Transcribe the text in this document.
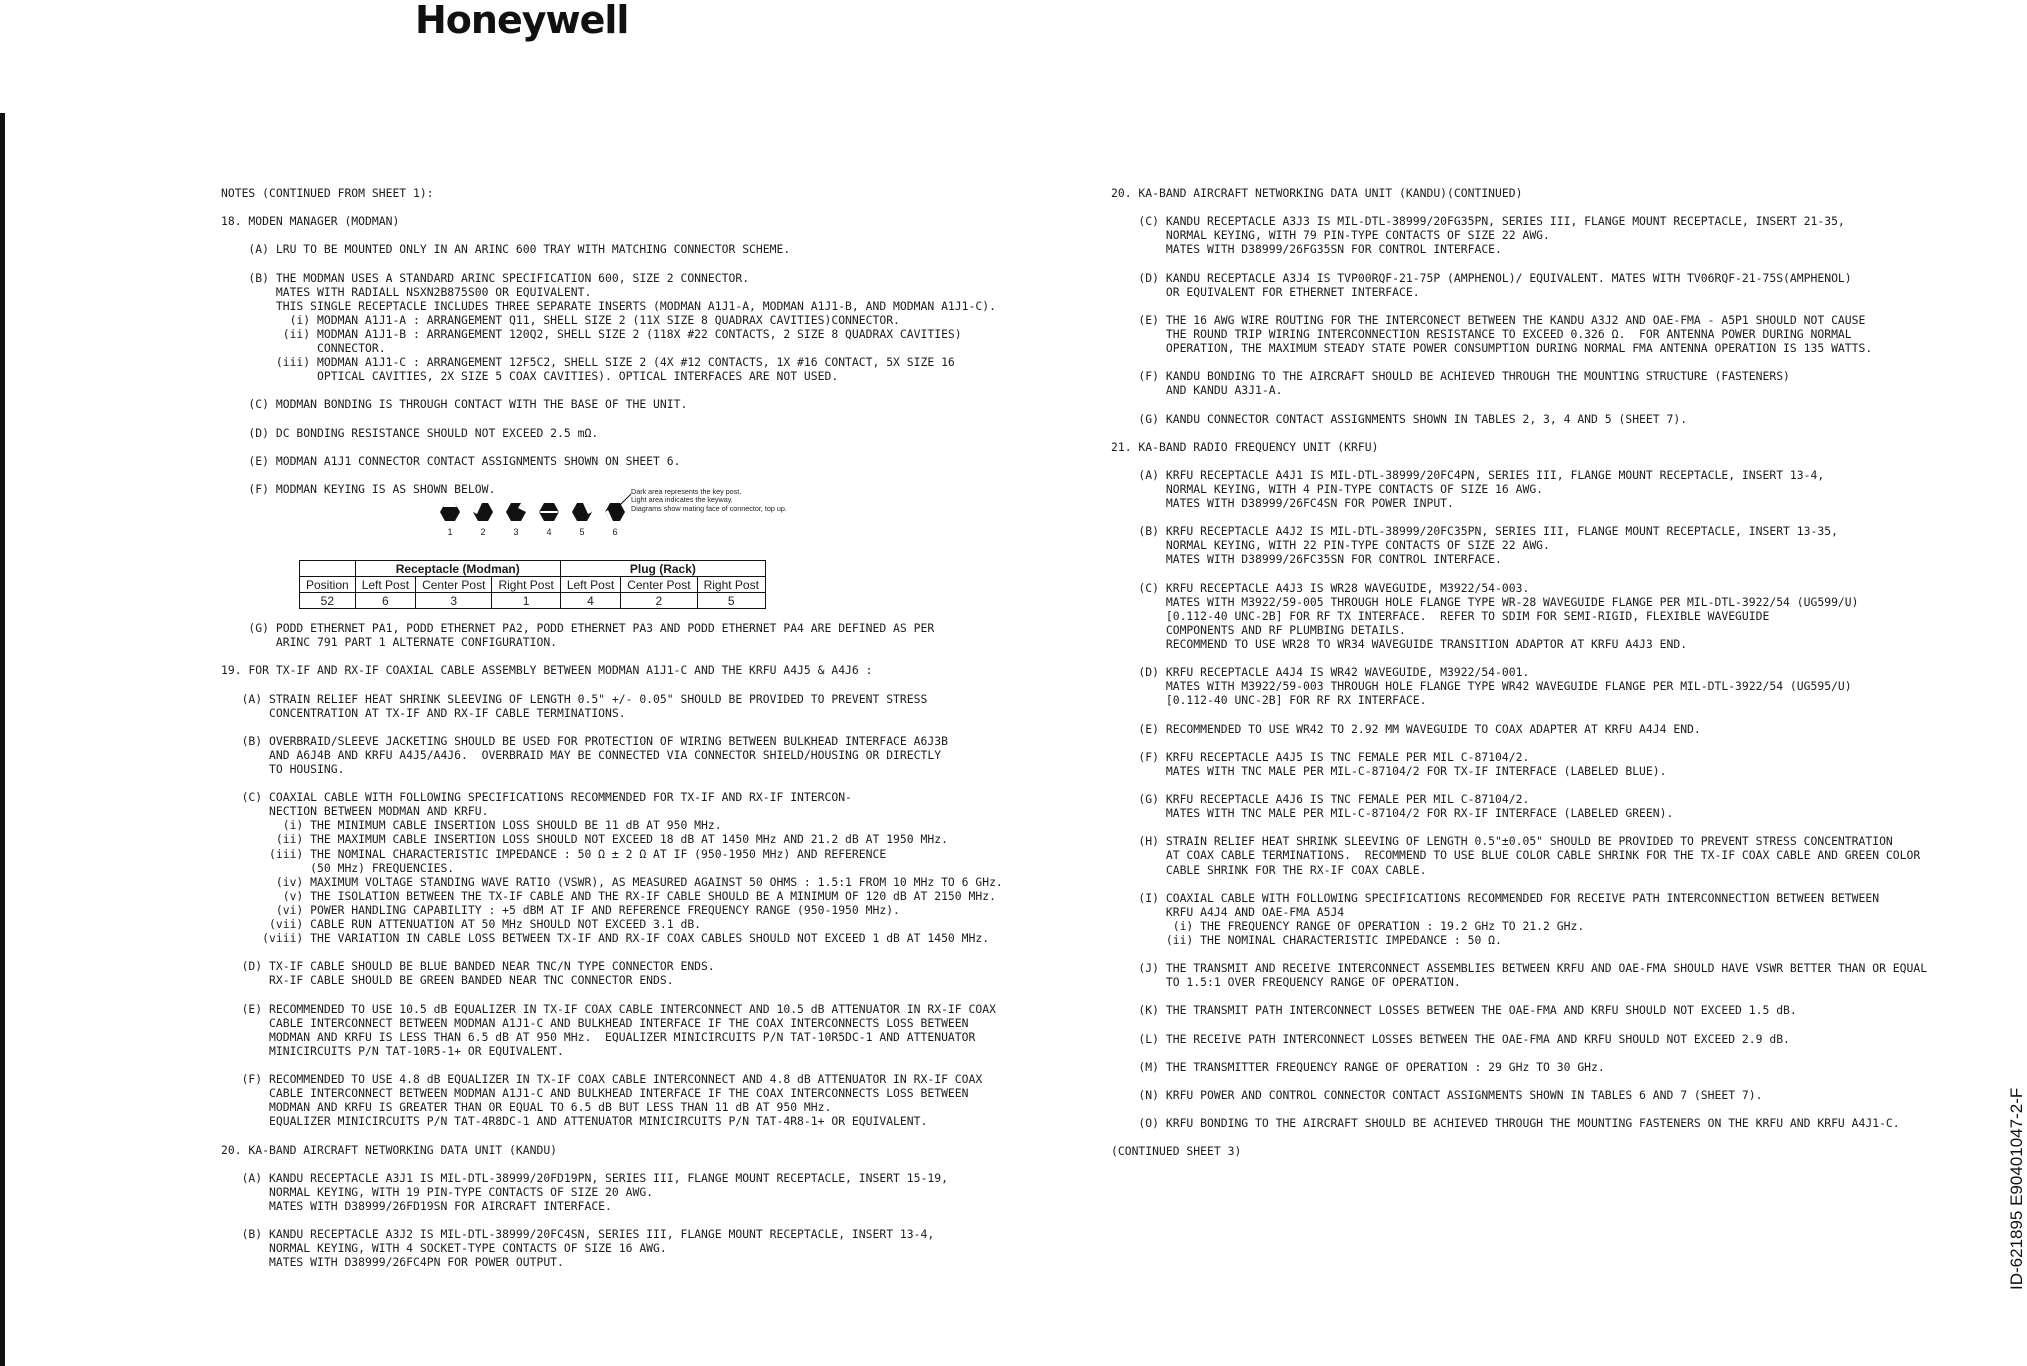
Honeywell
ID-621895 E90401047-2-F
NOTES (CONTINUED FROM SHEET 1):
18. MODEN MANAGER (MODMAN)
(A) LRU TO BE MOUNTED ONLY IN AN ARINC 600 TRAY WITH MATCHING CONNECTOR SCHEME.
(B) THE MODMAN USES A STANDARD ARINC SPECIFICATION 600, SIZE 2 CONNECTOR.
MATES WITH RADIALL NSXN2B875S00 OR EQUIVALENT.
THIS SINGLE RECEPTACLE INCLUDES THREE SEPARATE INSERTS (MODMAN A1J1-A, MODMAN A1J1-B, AND MODMAN A1J1-C).
(i) MODMAN A1J1-A : ARRANGEMENT Q11, SHELL SIZE 2 (11X SIZE 8 QUADRAX CAVITIES)CONNECTOR.
(ii) MODMAN A1J1-B : ARRANGEMENT 120Q2, SHELL SIZE 2 (118X #22 CONTACTS, 2 SIZE 8 QUADRAX CAVITIES)
CONNECTOR.
(iii) MODMAN A1J1-C : ARRANGEMENT 12F5C2, SHELL SIZE 2 (4X #12 CONTACTS, 1X #16 CONTACT, 5X SIZE 16
OPTICAL CAVITIES, 2X SIZE 5 COAX CAVITIES). OPTICAL INTERFACES ARE NOT USED.
(C) MODMAN BONDING IS THROUGH CONTACT WITH THE BASE OF THE UNIT.
(D) DC BONDING RESISTANCE SHOULD NOT EXCEED 2.5 mΩ.
(E) MODMAN A1J1 CONNECTOR CONTACT ASSIGNMENTS SHOWN ON SHEET 6.
(F) MODMAN KEYING IS AS SHOWN BELOW.
1	2	3	4	5	6
Dark area represents the key post.
Light area indicates the keyway.
Diagrams show mating face of connector, top up.
	Receptacle (Modman)			Plug (Rack)		
Position	Left Post	Center Post	Right Post	Left Post	Center Post	Right Post
52	6	3	1	4	2	5
(G) PODD ETHERNET PA1, PODD ETHERNET PA2, PODD ETHERNET PA3 AND PODD ETHERNET PA4 ARE DEFINED AS PER
ARINC 791 PART 1 ALTERNATE CONFIGURATION.
19. FOR TX-IF AND RX-IF COAXIAL CABLE ASSEMBLY BETWEEN MODMAN A1J1-C AND THE KRFU A4J5 & A4J6 :
(A) STRAIN RELIEF HEAT SHRINK SLEEVING OF LENGTH 0.5" +/- 0.05" SHOULD BE PROVIDED TO PREVENT STRESS
CONCENTRATION AT TX-IF AND RX-IF CABLE TERMINATIONS.
(B) OVERBRAID/SLEEVE JACKETING SHOULD BE USED FOR PROTECTION OF WIRING BETWEEN BULKHEAD INTERFACE A6J3B
AND A6J4B AND KRFU A4J5/A4J6.  OVERBRAID MAY BE CONNECTED VIA CONNECTOR SHIELD/HOUSING OR DIRECTLY
TO HOUSING.
(C) COAXIAL CABLE WITH FOLLOWING SPECIFICATIONS RECOMMENDED FOR TX-IF AND RX-IF INTERCON-
NECTION BETWEEN MODMAN AND KRFU.
(i) THE MINIMUM CABLE INSERTION LOSS SHOULD BE 11 dB AT 950 MHz.
(ii) THE MAXIMUM CABLE INSERTION LOSS SHOULD NOT EXCEED 18 dB AT 1450 MHz AND 21.2 dB AT 1950 MHz.
(iii) THE NOMINAL CHARACTERISTIC IMPEDANCE : 50 Ω ± 2 Ω AT IF (950-1950 MHz) AND REFERENCE
(50 MHz) FREQUENCIES.
(iv) MAXIMUM VOLTAGE STANDING WAVE RATIO (VSWR), AS MEASURED AGAINST 50 OHMS : 1.5:1 FROM 10 MHz TO 6 GHz.
(v) THE ISOLATION BETWEEN THE TX-IF CABLE AND THE RX-IF CABLE SHOULD BE A MINIMUM OF 120 dB AT 2150 MHz.
(vi) POWER HANDLING CAPABILITY : +5 dBM AT IF AND REFERENCE FREQUENCY RANGE (950-1950 MHz).
(vii) CABLE RUN ATTENUATION AT 50 MHz SHOULD NOT EXCEED 3.1 dB.
(viii) THE VARIATION IN CABLE LOSS BETWEEN TX-IF AND RX-IF COAX CABLES SHOULD NOT EXCEED 1 dB AT 1450 MHz.
(D) TX-IF CABLE SHOULD BE BLUE BANDED NEAR TNC/N TYPE CONNECTOR ENDS.
RX-IF CABLE SHOULD BE GREEN BANDED NEAR TNC CONNECTOR ENDS.
(E) RECOMMENDED TO USE 10.5 dB EQUALIZER IN TX-IF COAX CABLE INTERCONNECT AND 10.5 dB ATTENUATOR IN RX-IF COAX
CABLE INTERCONNECT BETWEEN MODMAN A1J1-C AND BULKHEAD INTERFACE IF THE COAX INTERCONNECTS LOSS BETWEEN
MODMAN AND KRFU IS LESS THAN 6.5 dB AT 950 MHz.  EQUALIZER MINICIRCUITS P/N TAT-10R5DC-1 AND ATTENUATOR
MINICIRCUITS P/N TAT-10R5-1+ OR EQUIVALENT.
(F) RECOMMENDED TO USE 4.8 dB EQUALIZER IN TX-IF COAX CABLE INTERCONNECT AND 4.8 dB ATTENUATOR IN RX-IF COAX
CABLE INTERCONNECT BETWEEN MODMAN A1J1-C AND BULKHEAD INTERFACE IF THE COAX INTERCONNECTS LOSS BETWEEN
MODMAN AND KRFU IS GREATER THAN OR EQUAL TO 6.5 dB BUT LESS THAN 11 dB AT 950 MHz.
EQUALIZER MINICIRCUITS P/N TAT-4R8DC-1 AND ATTENUATOR MINICIRCUITS P/N TAT-4R8-1+ OR EQUIVALENT.
20. KA-BAND AIRCRAFT NETWORKING DATA UNIT (KANDU)
(A) KANDU RECEPTACLE A3J1 IS MIL-DTL-38999/20FD19PN, SERIES III, FLANGE MOUNT RECEPTACLE, INSERT 15-19,
NORMAL KEYING, WITH 19 PIN-TYPE CONTACTS OF SIZE 20 AWG.
MATES WITH D38999/26FD19SN FOR AIRCRAFT INTERFACE.
(B) KANDU RECEPTACLE A3J2 IS MIL-DTL-38999/20FC4SN, SERIES III, FLANGE MOUNT RECEPTACLE, INSERT 13-4,
NORMAL KEYING, WITH 4 SOCKET-TYPE CONTACTS OF SIZE 16 AWG.
MATES WITH D38999/26FC4PN FOR POWER OUTPUT.
20. KA-BAND AIRCRAFT NETWORKING DATA UNIT (KANDU)(CONTINUED)
(C) KANDU RECEPTACLE A3J3 IS MIL-DTL-38999/20FG35PN, SERIES III, FLANGE MOUNT RECEPTACLE, INSERT 21-35,
NORMAL KEYING, WITH 79 PIN-TYPE CONTACTS OF SIZE 22 AWG.
MATES WITH D38999/26FG35SN FOR CONTROL INTERFACE.
(D) KANDU RECEPTACLE A3J4 IS TVP00RQF-21-75P (AMPHENOL)/ EQUIVALENT. MATES WITH TV06RQF-21-75S(AMPHENOL)
OR EQUIVALENT FOR ETHERNET INTERFACE.
(E) THE 16 AWG WIRE ROUTING FOR THE INTERCONECT BETWEEN THE KANDU A3J2 AND OAE-FMA - A5P1 SHOULD NOT CAUSE
THE ROUND TRIP WIRING INTERCONNECTION RESISTANCE TO EXCEED 0.326 Ω.  FOR ANTENNA POWER DURING NORMAL
OPERATION, THE MAXIMUM STEADY STATE POWER CONSUMPTION DURING NORMAL FMA ANTENNA OPERATION IS 135 WATTS.
(F) KANDU BONDING TO THE AIRCRAFT SHOULD BE ACHIEVED THROUGH THE MOUNTING STRUCTURE (FASTENERS)
AND KANDU A3J1-A.
(G) KANDU CONNECTOR CONTACT ASSIGNMENTS SHOWN IN TABLES 2, 3, 4 AND 5 (SHEET 7).
21. KA-BAND RADIO FREQUENCY UNIT (KRFU)
(A) KRFU RECEPTACLE A4J1 IS MIL-DTL-38999/20FC4PN, SERIES III, FLANGE MOUNT RECEPTACLE, INSERT 13-4,
NORMAL KEYING, WITH 4 PIN-TYPE CONTACTS OF SIZE 16 AWG.
MATES WITH D38999/26FC4SN FOR POWER INPUT.
(B) KRFU RECEPTACLE A4J2 IS MIL-DTL-38999/20FC35PN, SERIES III, FLANGE MOUNT RECEPTACLE, INSERT 13-35,
NORMAL KEYING, WITH 22 PIN-TYPE CONTACTS OF SIZE 22 AWG.
MATES WITH D38999/26FC35SN FOR CONTROL INTERFACE.
(C) KRFU RECEPTACLE A4J3 IS WR28 WAVEGUIDE, M3922/54-003.
MATES WITH M3922/59-005 THROUGH HOLE FLANGE TYPE WR-28 WAVEGUIDE FLANGE PER MIL-DTL-3922/54 (UG599/U)
[0.112-40 UNC-2B] FOR RF TX INTERFACE.  REFER TO SDIM FOR SEMI-RIGID, FLEXIBLE WAVEGUIDE
COMPONENTS AND RF PLUMBING DETAILS.
RECOMMEND TO USE WR28 TO WR34 WAVEGUIDE TRANSITION ADAPTOR AT KRFU A4J3 END.
(D) KRFU RECEPTACLE A4J4 IS WR42 WAVEGUIDE, M3922/54-001.
MATES WITH M3922/59-003 THROUGH HOLE FLANGE TYPE WR42 WAVEGUIDE FLANGE PER MIL-DTL-3922/54 (UG595/U)
[0.112-40 UNC-2B] FOR RF RX INTERFACE.
(E) RECOMMENDED TO USE WR42 TO 2.92 MM WAVEGUIDE TO COAX ADAPTER AT KRFU A4J4 END.
(F) KRFU RECEPTACLE A4J5 IS TNC FEMALE PER MIL C-87104/2.
MATES WITH TNC MALE PER MIL-C-87104/2 FOR TX-IF INTERFACE (LABELED BLUE).
(G) KRFU RECEPTACLE A4J6 IS TNC FEMALE PER MIL C-87104/2.
MATES WITH TNC MALE PER MIL-C-87104/2 FOR RX-IF INTERFACE (LABELED GREEN).
(H) STRAIN RELIEF HEAT SHRINK SLEEVING OF LENGTH 0.5"±0.05" SHOULD BE PROVIDED TO PREVENT STRESS CONCENTRATION
AT COAX CABLE TERMINATIONS.  RECOMMEND TO USE BLUE COLOR CABLE SHRINK FOR THE TX-IF COAX CABLE AND GREEN COLOR
CABLE SHRINK FOR THE RX-IF COAX CABLE.
(I) COAXIAL CABLE WITH FOLLOWING SPECIFICATIONS RECOMMENDED FOR RECEIVE PATH INTERCONNECTION BETWEEN BETWEEN
KRFU A4J4 AND OAE-FMA A5J4
(i) THE FREQUENCY RANGE OF OPERATION : 19.2 GHz TO 21.2 GHz.
(ii) THE NOMINAL CHARACTERISTIC IMPEDANCE : 50 Ω.
(J) THE TRANSMIT AND RECEIVE INTERCONNECT ASSEMBLIES BETWEEN KRFU AND OAE-FMA SHOULD HAVE VSWR BETTER THAN OR EQUAL
TO 1.5:1 OVER FREQUENCY RANGE OF OPERATION.
(K) THE TRANSMIT PATH INTERCONNECT LOSSES BETWEEN THE OAE-FMA AND KRFU SHOULD NOT EXCEED 1.5 dB.
(L) THE RECEIVE PATH INTERCONNECT LOSSES BETWEEN THE OAE-FMA AND KRFU SHOULD NOT EXCEED 2.9 dB.
(M) THE TRANSMITTER FREQUENCY RANGE OF OPERATION : 29 GHz TO 30 GHz.
(N) KRFU POWER AND CONTROL CONNECTOR CONTACT ASSIGNMENTS SHOWN IN TABLES 6 AND 7 (SHEET 7).
(O) KRFU BONDING TO THE AIRCRAFT SHOULD BE ACHIEVED THROUGH THE MOUNTING FASTENERS ON THE KRFU AND KRFU A4J1-C.
(CONTINUED SHEET 3)
